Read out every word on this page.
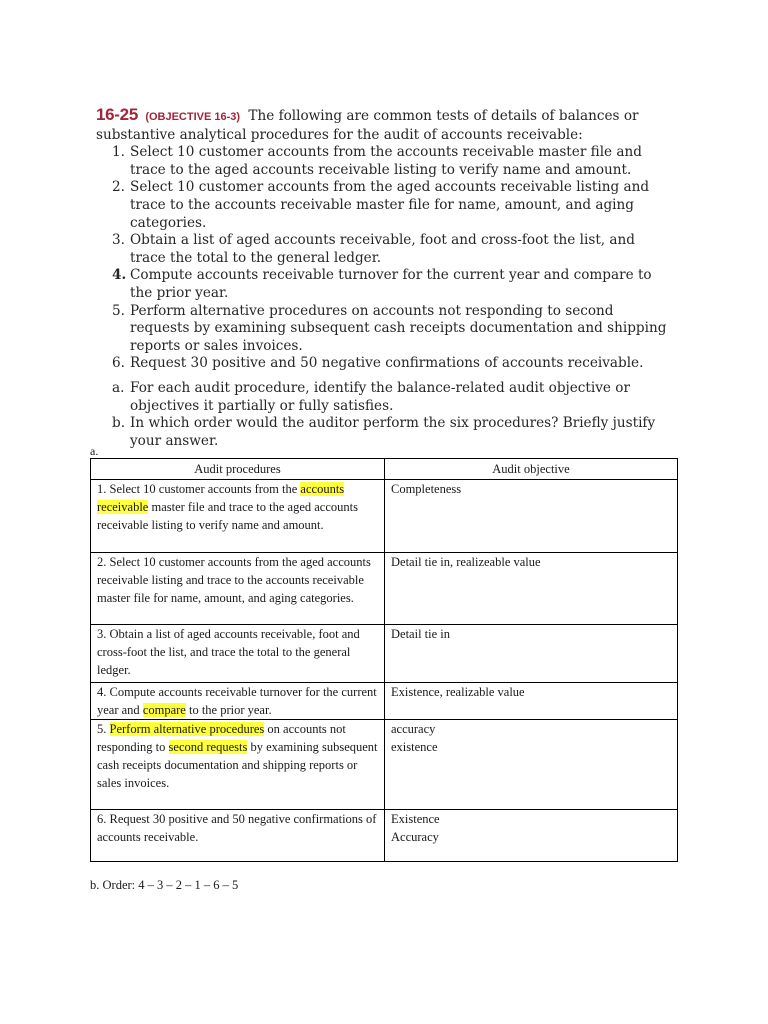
16-25 (OBJECTIVE 16-3) The following are common tests of details of balances or substantive analytical procedures for the audit of accounts receivable:

1. Select 10 customer accounts from the accounts receivable master file and trace to the aged accounts receivable listing to verify name and amount.
2. Select 10 customer accounts from the aged accounts receivable listing and trace to the accounts receivable master file for name, amount, and aging categories.
3. Obtain a list of aged accounts receivable, foot and cross-foot the list, and trace the total to the general ledger.
4. Compute accounts receivable turnover for the current year and compare to the prior year.
5. Perform alternative procedures on accounts not responding to second requests by examining subsequent cash receipts documentation and shipping reports or sales invoices.
6. Request 30 positive and 50 negative confirmations of accounts receivable.
a. For each audit procedure, identify the balance-related audit objective or objectives it partially or fully satisfies.
b. In which order would the auditor perform the six procedures? Briefly justify your answer.
a.
Audit procedures	Audit objective
1. Select 10 customer accounts from the accounts receivable master file and trace to the aged accounts receivable listing to verify name and amount.	Completeness

2. Select 10 customer accounts from the aged accounts receivable listing and trace to the accounts receivable master file for name, amount, and aging categories.	Detail tie in, realizeable value

3. Obtain a list of aged accounts receivable, foot and cross-foot the list, and trace the total to the general ledger.	Detail tie in

4. Compute accounts receivable turnover for the current year and compare to the prior year.	Existence, realizable value

5. Perform alternative procedures on accounts not responding to second requests by examining subsequent cash receipts documentation and shipping reports or sales invoices.	accuracy
existence

6. Request 30 positive and 50 negative confirmations of accounts receivable.	Existence
Accuracy
b. Order: 4 – 3 – 2 – 1 – 6 – 5
